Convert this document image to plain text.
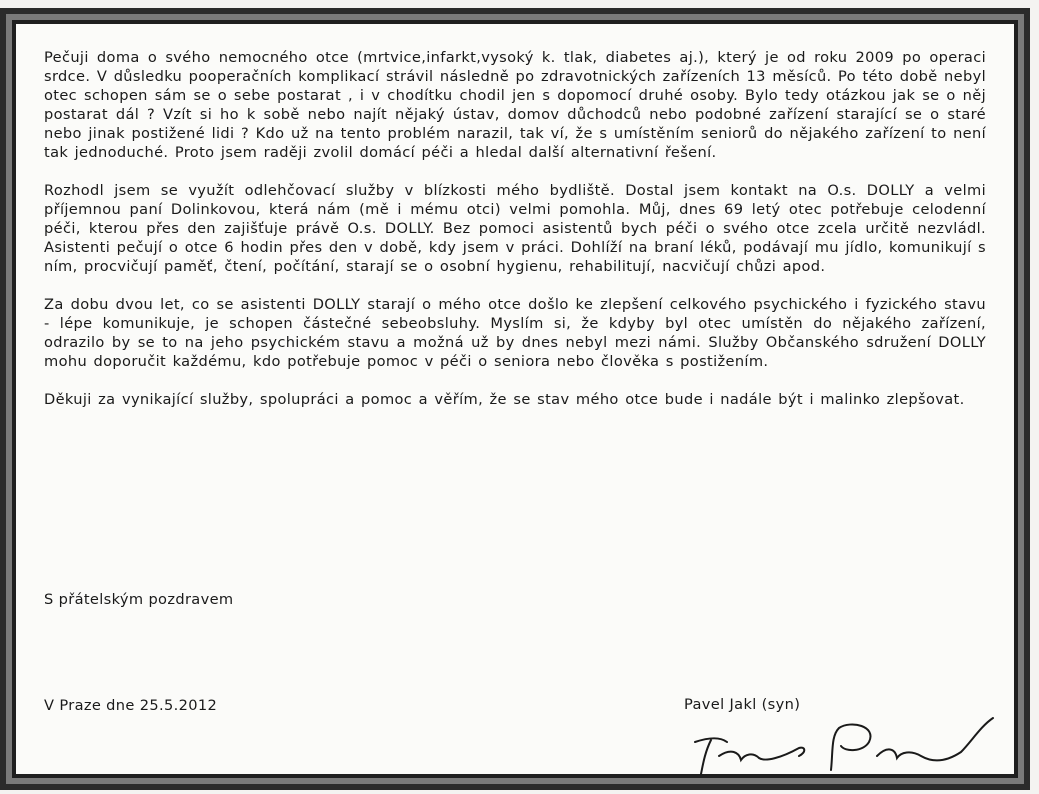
Pečuji doma o svého nemocného otce (mrtvice,infarkt,vysoký k. tlak, diabetes aj.), který je od roku 2009 po operaci srdce. V důsledku pooperačních komplikací strávil následně po zdravotnických zařízeních 13 měsíců. Po této době nebyl otec schopen sám se o sebe postarat , i v chodítku chodil jen s dopomocí druhé osoby. Bylo tedy otázkou jak se o něj postarat dál ? Vzít si ho k sobě nebo najít nějaký ústav, domov důchodců nebo podobné zařízení starající se o staré nebo jinak postižené lidi ? Kdo už na tento problém narazil, tak ví, že s umístěním seniorů do nějakého zařízení to není tak jednoduché. Proto jsem raději zvolil domácí péči a hledal další alternativní řešení.

Rozhodl jsem se využít odlehčovací služby v blízkosti mého bydliště. Dostal jsem kontakt na O.s. DOLLY a velmi příjemnou paní Dolinkovou, která nám (mě i mému otci) velmi pomohla. Můj, dnes 69 letý otec potřebuje celodenní péči, kterou přes den zajišťuje právě O.s. DOLLY. Bez pomoci asistentů bych péči o svého otce zcela určitě nezvládl. Asistenti pečují o otce 6 hodin přes den v době, kdy jsem v práci. Dohlíží na braní léků, podávají mu jídlo, komunikují s ním, procvičují paměť, čtení, počítání, starají se o osobní hygienu, rehabilitují, nacvičují chůzi apod.

Za dobu dvou let, co se asistenti DOLLY starají o mého otce došlo ke zlepšení celkového psychického i fyzického stavu - lépe komunikuje, je schopen částečné sebeobsluhy. Myslím si, že kdyby byl otec umístěn do nějakého zařízení, odrazilo by se to na jeho psychickém stavu a možná už by dnes nebyl mezi námi. Služby Občanského sdružení DOLLY mohu doporučit každému, kdo potřebuje pomoc v péči o seniora nebo člověka s postižením.

Děkuji za vynikající služby, spolupráci a pomoc a věřím, že se stav mého otce bude i nadále být i malinko zlepšovat.

S přátelským pozdravem
V Praze dne 25.5.2012	Pavel Jakl (syn)
